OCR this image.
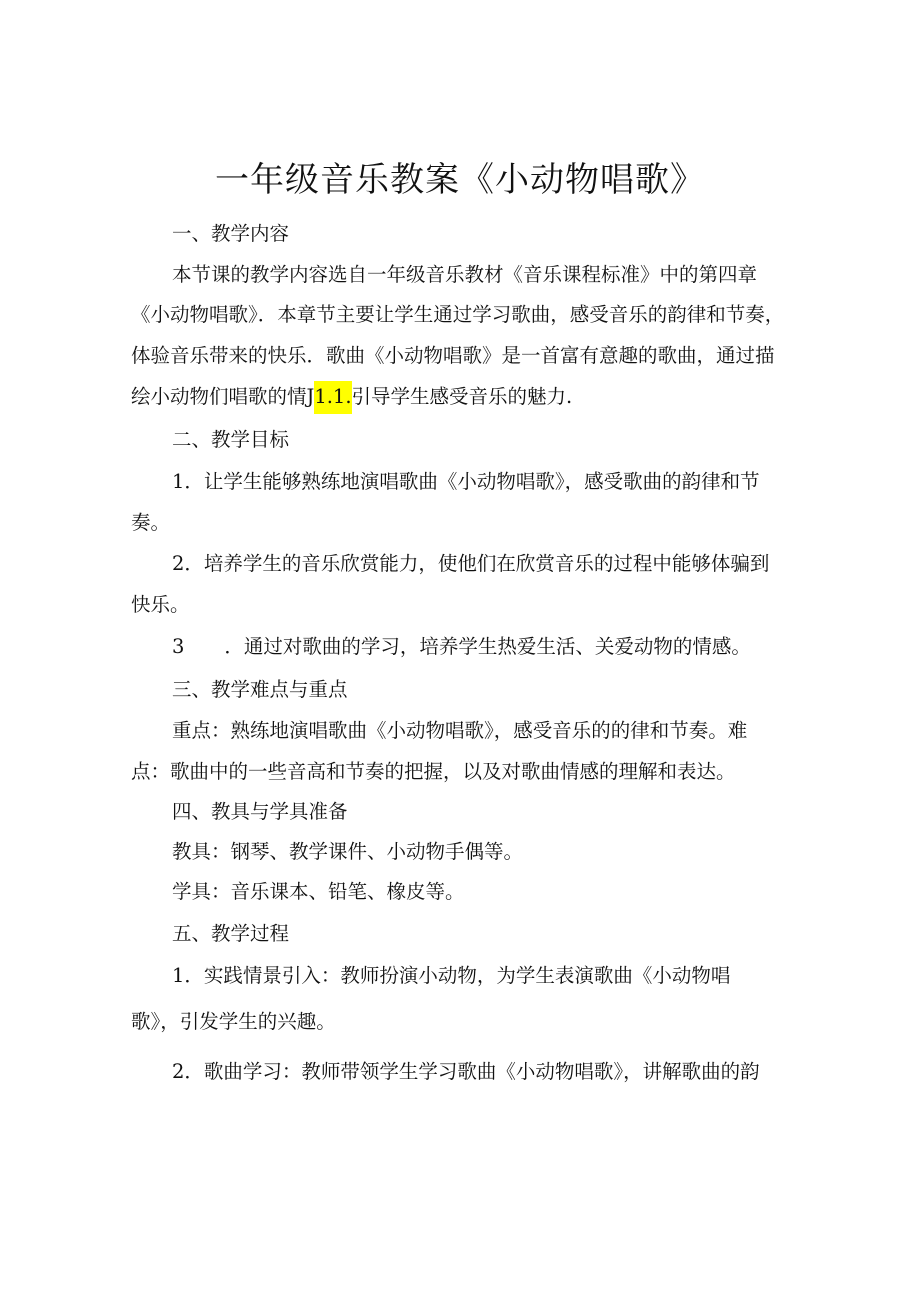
一年级音乐教案《小动物唱歌》
一、教学内容
本节课的教学内容选自一年级音乐教材《音乐课程标准》中的第四章
《小动物唱歌》．本章节主要让学生通过学习歌曲，感受音乐的韵律和节奏，
体验音乐带来的快乐．歌曲《小动物唱歌》是一首富有意趣的歌曲，通过描
绘小动物们唱歌的情J1.1.引导学生感受音乐的魅力.
二、教学目标
1．让学生能够熟练地演唱歌曲《小动物唱歌》，感受歌曲的韵律和节
奏。
2．培养学生的音乐欣赏能力，使他们在欣赏音乐的过程中能够体骗到
快乐。
3 ．通过对歌曲的学习，培养学生热爱生活、关爱动物的情感。
三、教学难点与重点
重点：熟练地演唱歌曲《小动物唱歌》，感受音乐的的律和节奏。难
点：歌曲中的一些音高和节奏的把握，以及对歌曲情感的理解和表达。
四、教具与学具准备
教具：钢琴、教学课件、小动物手偶等。
学具：音乐课本、铅笔、橡皮等。
五、教学过程
1．实践情景引入：教师扮演小动物，为学生表演歌曲《小动物唱
歌》，引发学生的兴趣。
2．歌曲学习：教师带领学生学习歌曲《小动物唱歌》，讲解歌曲的韵
